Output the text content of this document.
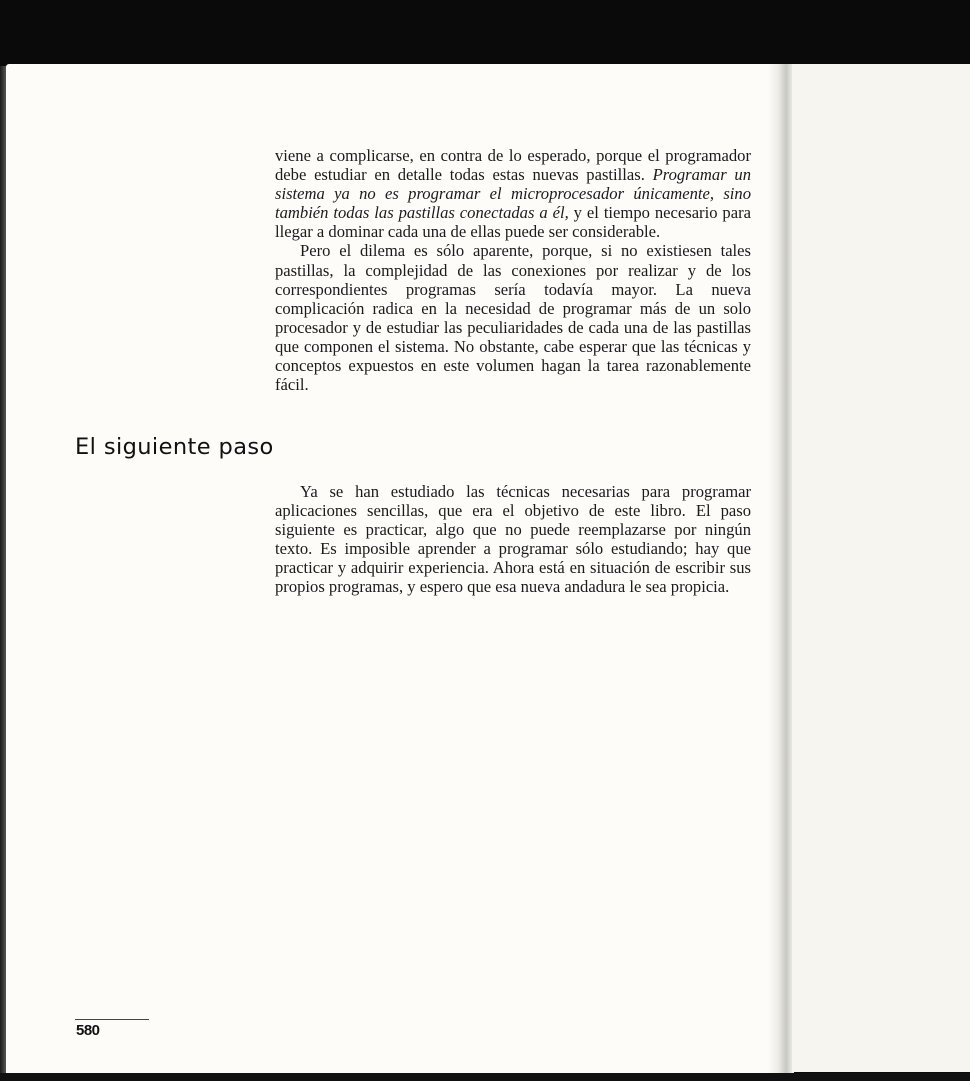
viene a complicarse, en contra de lo esperado, porque el programador debe estudiar en detalle todas estas nuevas pastillas. Programar un sistema ya no es programar el microprocesador únicamente, sino también todas las pastillas conectadas a él, y el tiempo necesario para llegar a dominar cada una de ellas puede ser considerable.

Pero el dilema es sólo aparente, porque, si no existiesen tales pastillas, la complejidad de las conexiones por realizar y de los correspondientes programas sería todavía mayor. La nueva complicación radica en la necesidad de programar más de un solo procesador y de estudiar las peculiaridades de cada una de las pastillas que componen el sistema. No obstante, cabe esperar que las técnicas y conceptos expuestos en este volumen hagan la tarea razonablemente fácil.

El siguiente paso
Ya se han estudiado las técnicas necesarias para programar aplicaciones sencillas, que era el objetivo de este libro. El paso siguiente es practicar, algo que no puede reemplazarse por ningún texto. Es imposible aprender a programar sólo estudiando; hay que practicar y adquirir experiencia. Ahora está en situación de escribir sus propios programas, y espero que esa nueva andadura le sea propicia.
580
